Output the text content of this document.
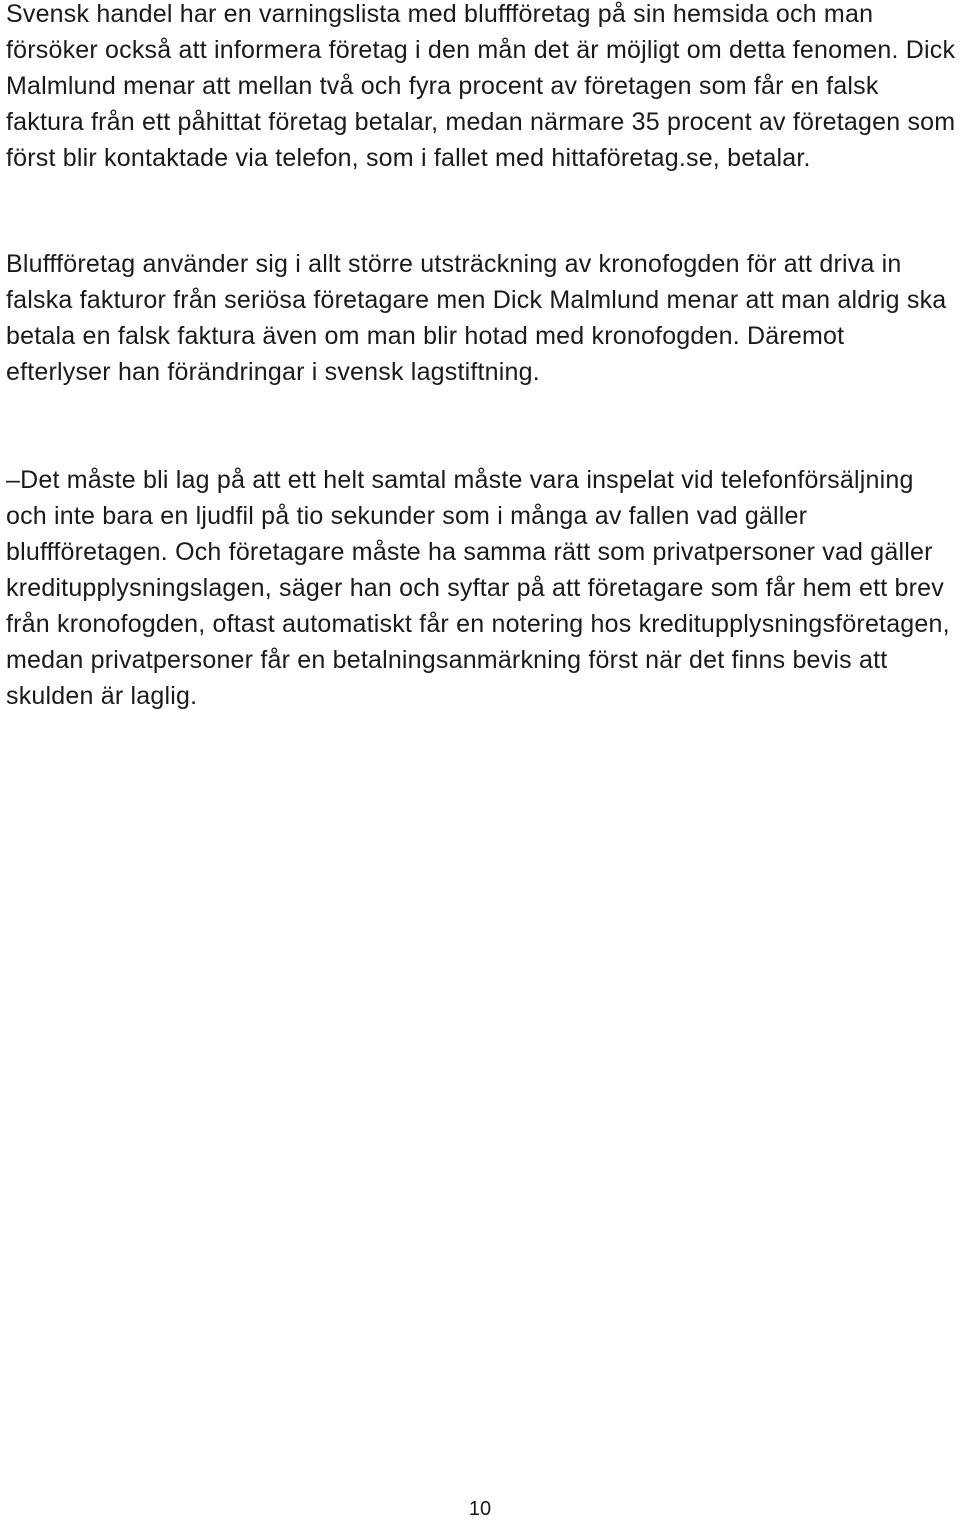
Svensk handel har en varningslista med bluffföretag på sin hemsida och man försöker också att informera företag i den mån det är möjligt om detta fenomen. Dick Malmlund menar att mellan två och fyra procent av företagen som får en falsk faktura från ett påhittat företag betalar, medan närmare 35 procent av företagen som först blir kontaktade via telefon, som i fallet med hittaföretag.se, betalar.

Bluffföretag använder sig i allt större utsträckning av kronofogden för att driva in falska fakturor från seriösa företagare men Dick Malmlund menar att man aldrig ska betala en falsk faktura även om man blir hotad med kronofogden. Däremot efterlyser han förändringar i svensk lagstiftning.

–Det måste bli lag på att ett helt samtal måste vara inspelat vid telefonförsäljning och inte bara en ljudfil på tio sekunder som i många av fallen vad gäller bluffföretagen. Och företagare måste ha samma rätt som privatpersoner vad gäller kreditupplysningslagen, säger han och syftar på att företagare som får hem ett brev från kronofogden, oftast automatiskt får en notering hos kreditupplysningsföretagen, medan privatpersoner får en betalningsanmärkning först när det finns bevis att skulden är laglig.

10
